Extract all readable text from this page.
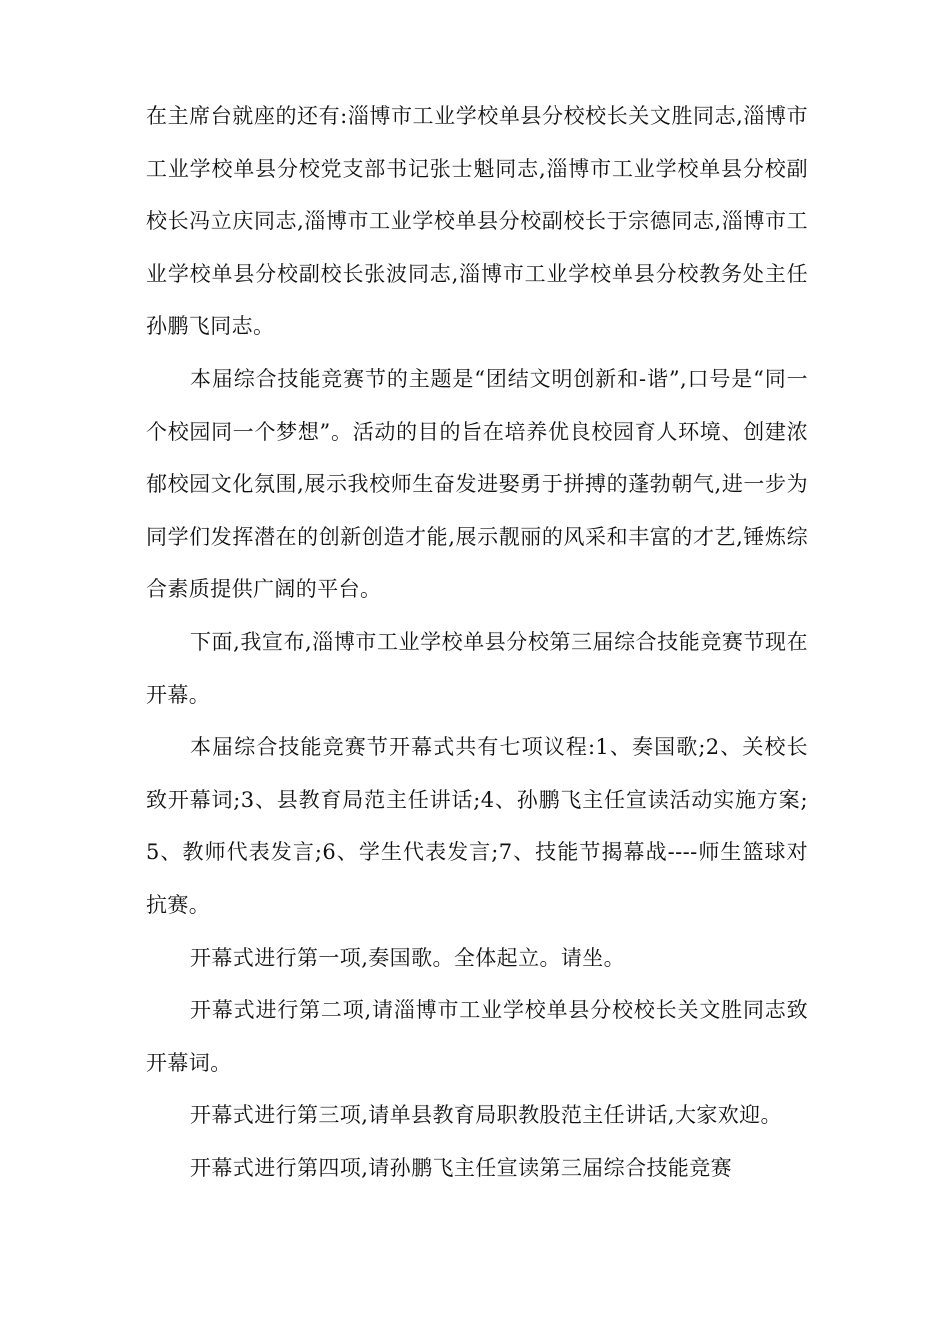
在主席台就座的还有:淄博市工业学校单县分校校长关文胜同志,淄博市工业学校单县分校党支部书记张士魁同志,淄博市工业学校单县分校副校长冯立庆同志,淄博市工业学校单县分校副校长于宗德同志,淄博市工业学校单县分校副校长张波同志,淄博市工业学校单县分校教务处主任孙鹏飞同志。

本届综合技能竞赛节的主题是“团结文明创新和-谐”,口号是“同一个校园同一个梦想”。活动的目的旨在培养优良校园育人环境、创建浓郁校园文化氛围,展示我校师生奋发进娶勇于拼搏的蓬勃朝气,进一步为同学们发挥潜在的创新创造才能,展示靓丽的风采和丰富的才艺,锤炼综合素质提供广阔的平台。

下面,我宣布,淄博市工业学校单县分校第三届综合技能竞赛节现在开幕。

本届综合技能竞赛节开幕式共有七项议程:1、奏国歌;2、关校长致开幕词;3、县教育局范主任讲话;4、孙鹏飞主任宣读活动实施方案;5、教师代表发言;6、学生代表发言;7、技能节揭幕战----师生篮球对抗赛。

开幕式进行第一项,奏国歌。全体起立。请坐。

开幕式进行第二项,请淄博市工业学校单县分校校长关文胜同志致开幕词。

开幕式进行第三项,请单县教育局职教股范主任讲话,大家欢迎。

开幕式进行第四项,请孙鹏飞主任宣读第三届综合技能竞赛
